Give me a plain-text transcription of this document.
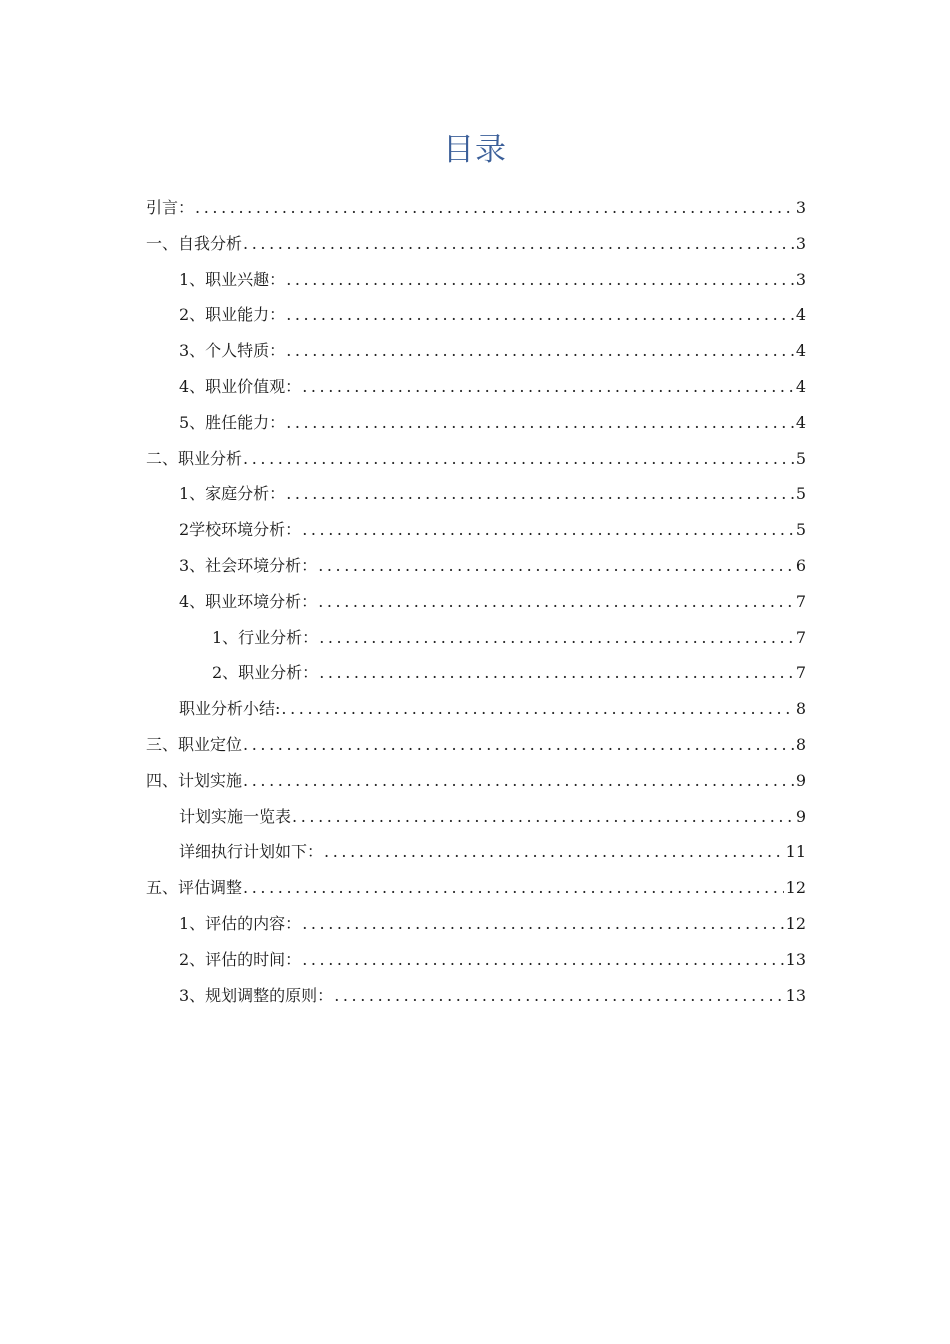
目录
引言： .....	3
一、自我分析 .....	3
1、职业兴趣： .....	3
2、职业能力： .....	4
3、个人特质： .....	4
4、职业价值观： .....	4
5、胜任能力： .....	4
二、职业分析 .....	5
1、家庭分析： .....	5
2学校环境分析： .....	5
3、社会环境分析： .....	6
4、职业环境分析： .....	7
1、行业分析： .....	7
2、职业分析： .....	7
职业分析小结: .....	8
三、职业定位 .....	8
四、计划实施 .....	9
计划实施一览表 .....	9
详细执行计划如下： .....	11
五、评估调整 .....	12
1、评估的内容： .....	12
2、评估的时间： .....	13
3、规划调整的原则： .....	13
